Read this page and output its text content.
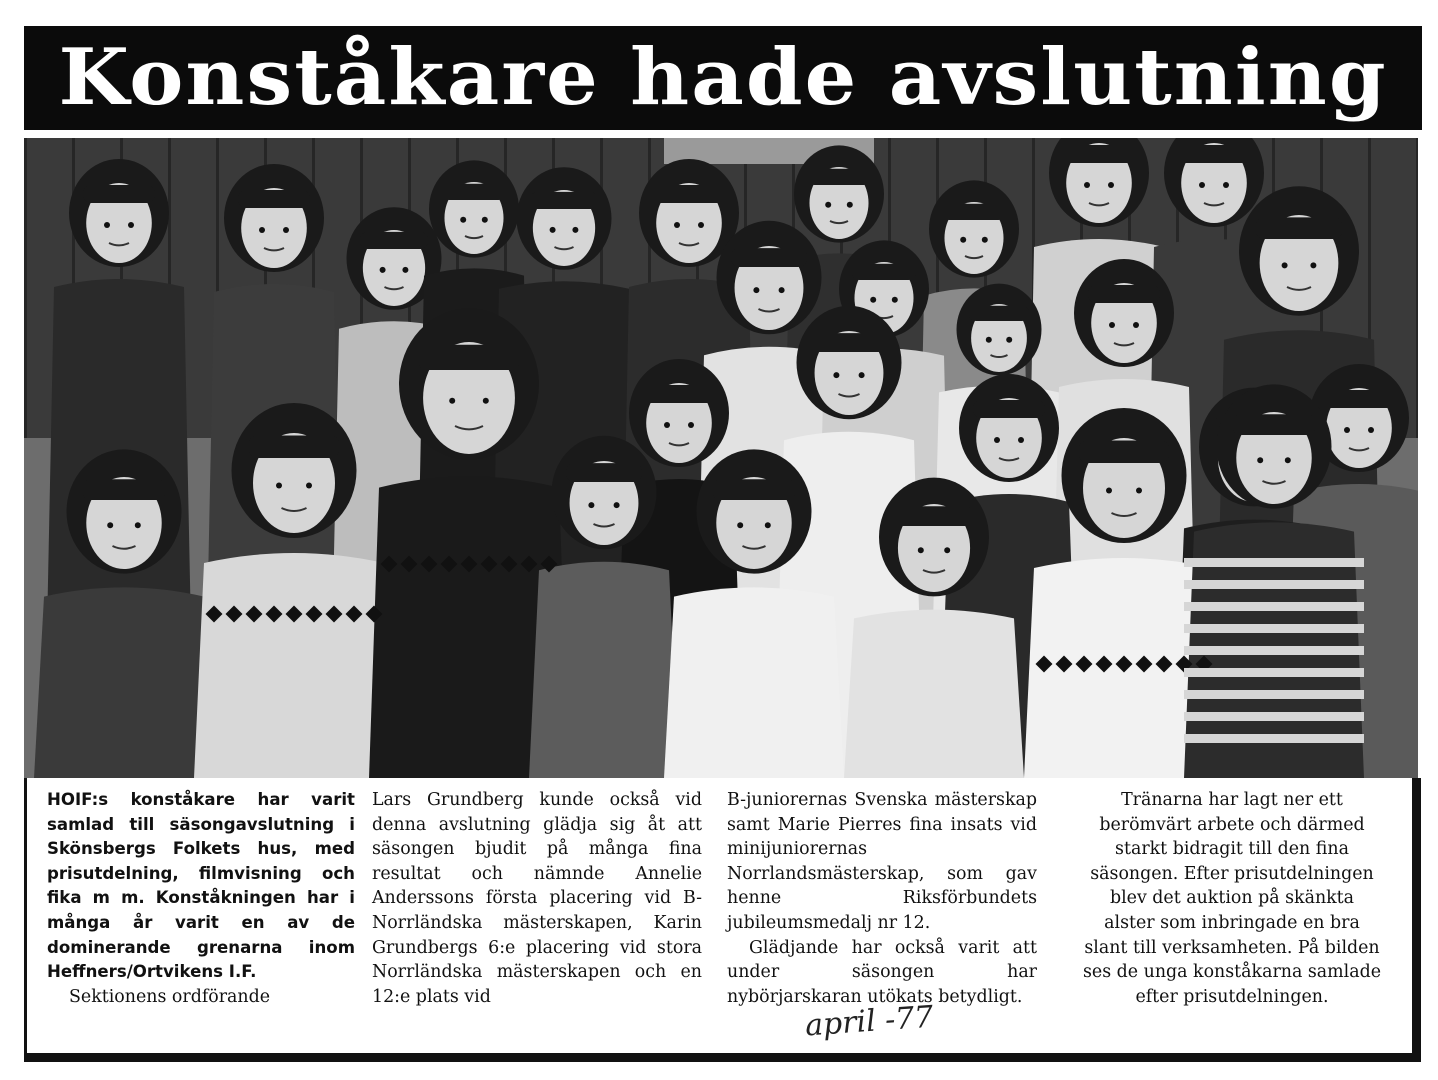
Konståkare hade avslutning

HOIF:s konståkare har varit samlad till säsongavslutning i Skönsbergs Folkets hus, med prisutdelning, filmvisning och fika m m. Konståkningen har i många år varit en av de dominerande grenarna inom Heffners/Ortvikens I.F.

Sektionens ordförande

Lars Grundberg kunde också vid denna avslutning glädja sig åt att säsongen bjudit på många fina resultat och nämnde Annelie Anderssons första placering vid B-Norrländska mästerskapen, Karin Grundbergs 6:e placering vid stora Norrländska mästerskapen och en 12:e plats vid

B-juniorernas Svenska mästerskap samt Marie Pierres fina insats vid minijuniorernas Norrlandsmästerskap, som gav henne Riksförbundets jubileumsmedalj nr 12.

Glädjande har också varit att under säsongen har nybörjarskaran utökats betydligt.

Tränarna har lagt ner ett berömvärt arbete och därmed starkt bidragit till den fina säsongen. Efter prisutdelningen blev det auktion på skänkta alster som inbringade en bra slant till verksamheten. På bilden ses de unga konståkarna samlade efter prisutdelningen.

april -77
